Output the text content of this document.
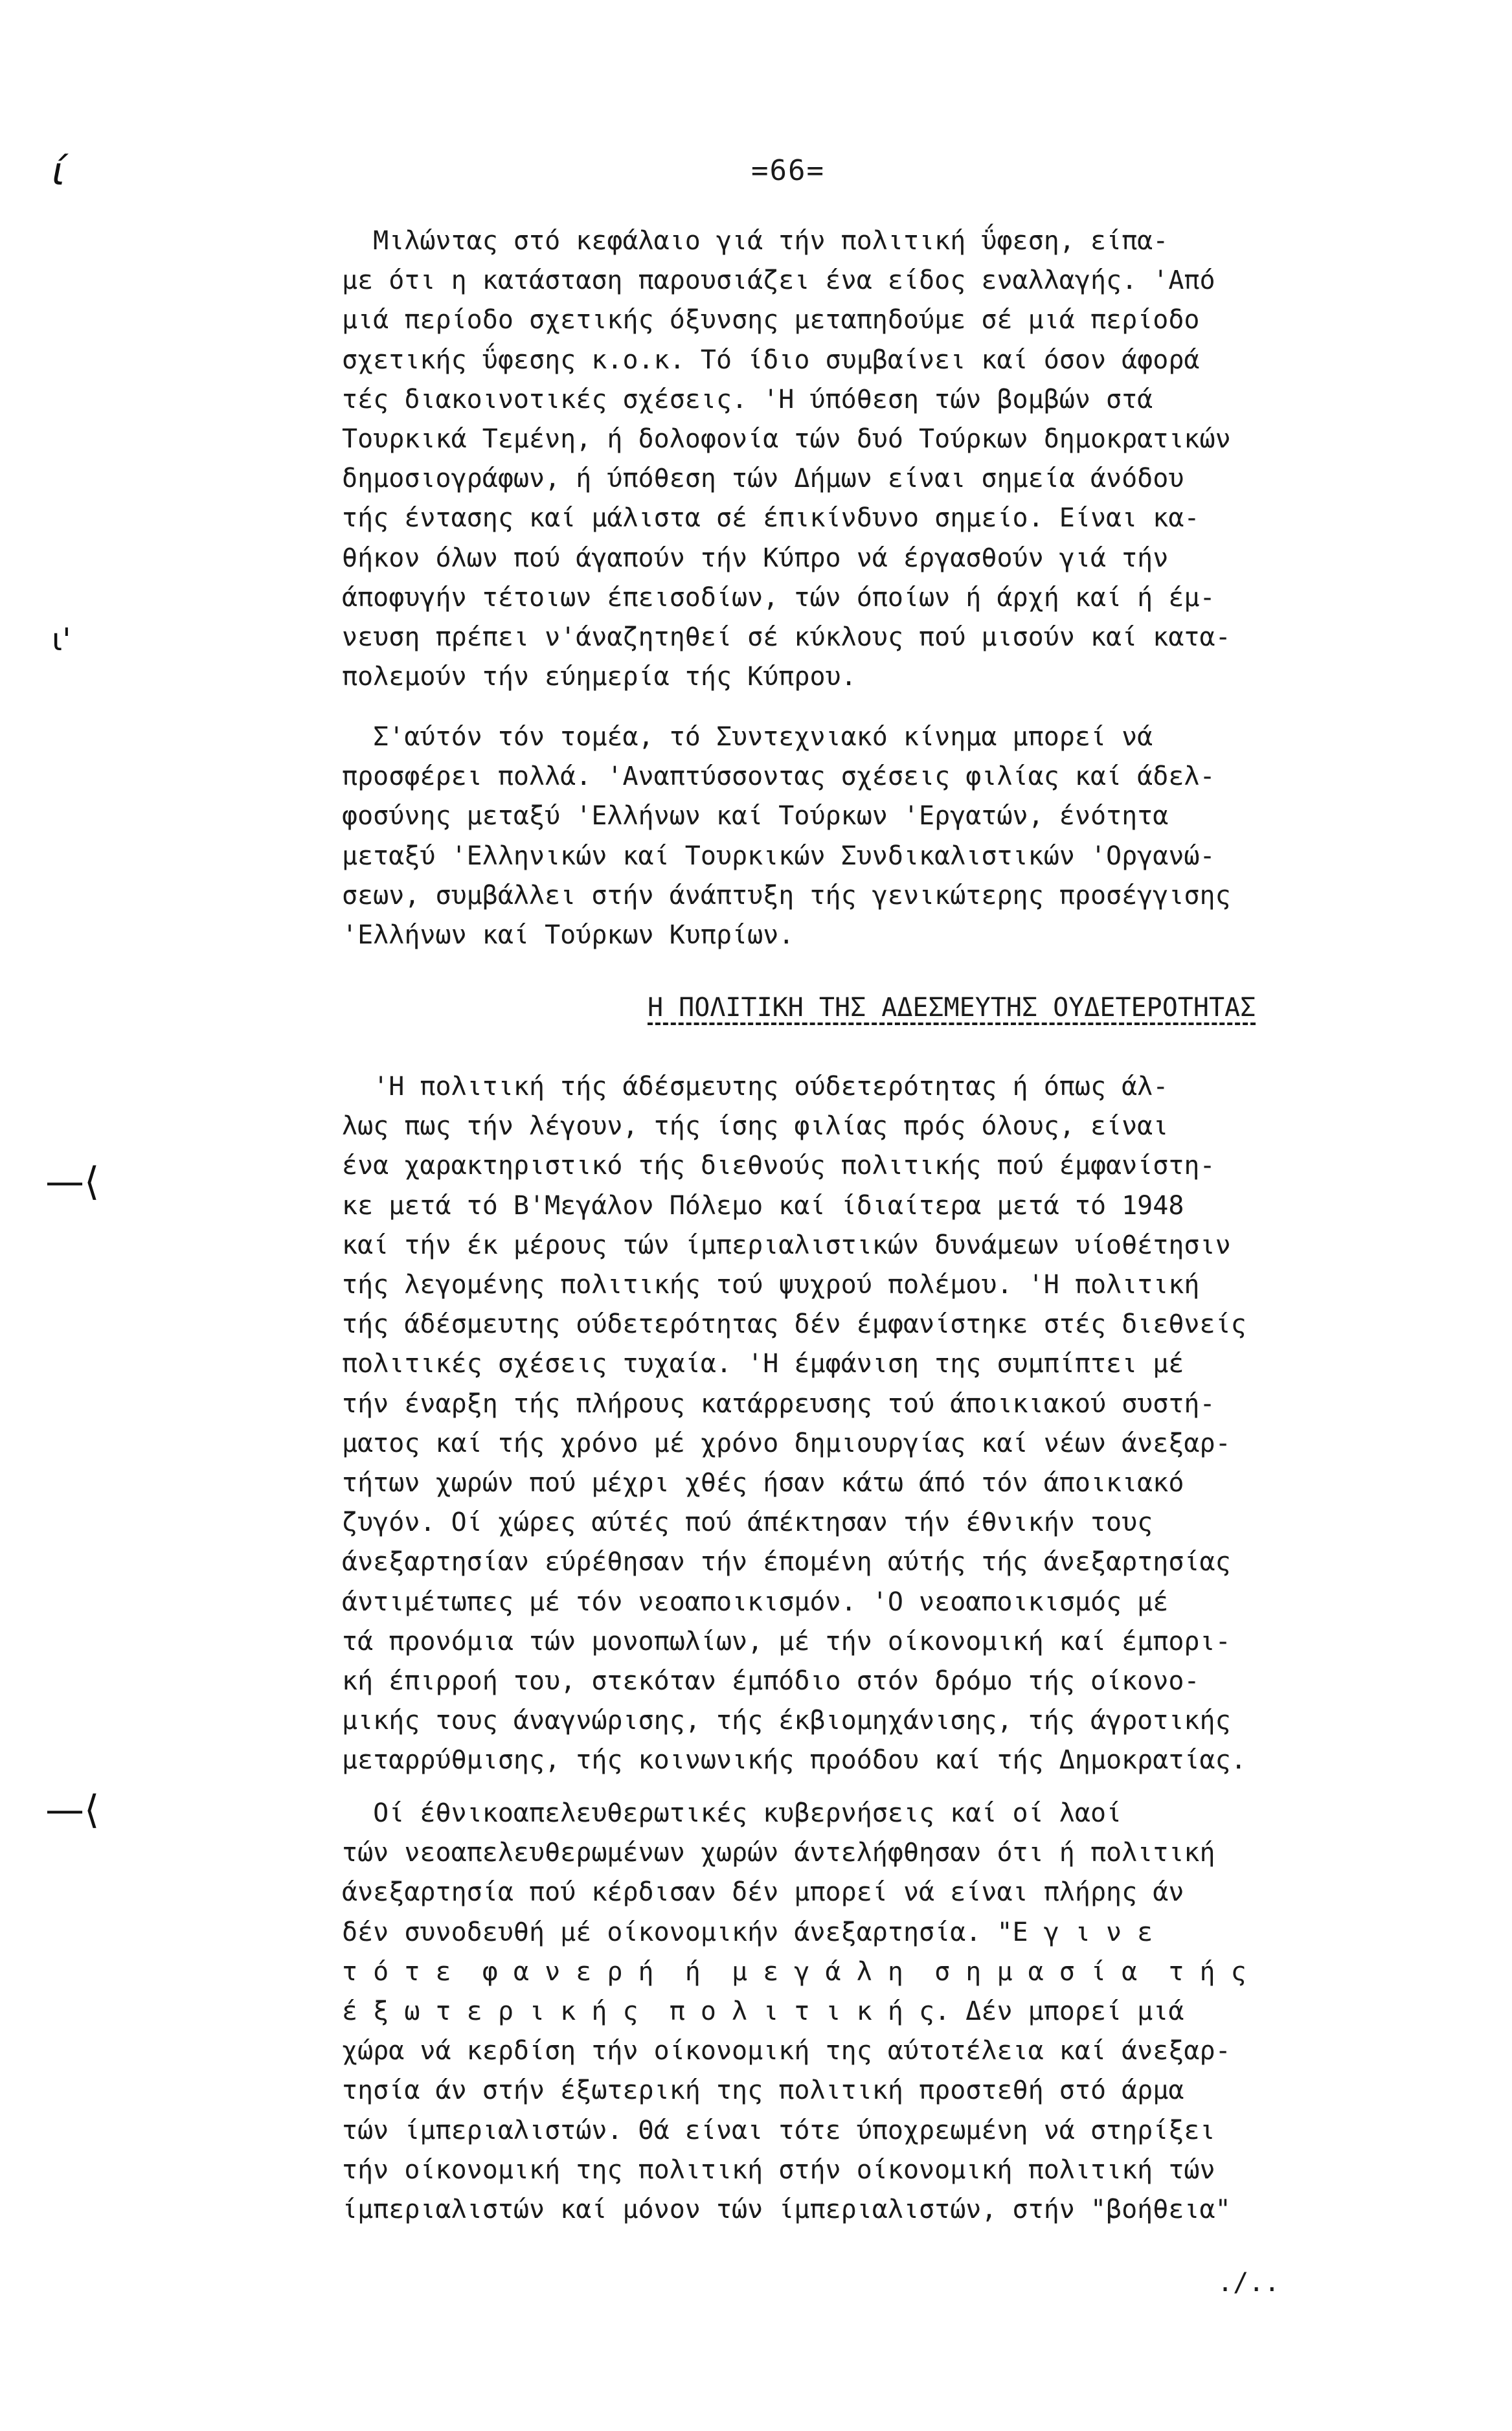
ί
ι'
—⟨
—⟨
=66=
Μιλώντας στό κεφάλαιο γιά τήν πολιτική ΰφεση, είπα-
με ότι η κατάσταση παρουσιάζει ένα είδος εναλλαγής. 'Από
μιά περίοδο σχετικής όξυνσης μεταπηδούμε σέ μιά περίοδο
σχετικής ΰφεσης κ.ο.κ. Τό ίδιο συμβαίνει καί όσον άφορά
τές διακοινοτικές σχέσεις. 'Η ύπόθεση τών βομβών στά
Τουρκικά Τεμένη, ή δολοφονία τών δυό Τούρκων δημοκρατικών
δημοσιογράφων, ή ύπόθεση τών Δήμων είναι σημεία άνόδου
τής έντασης καί μάλιστα σέ έπικίνδυνο σημείο. Είναι κα-
θήκον όλων πού άγαπούν τήν Κύπρο νά έργασθούν γιά τήν
άποφυγήν τέτοιων έπεισοδίων, τών όποίων ή άρχή καί ή έμ-
νευση πρέπει ν'άναζητηθεί σέ κύκλους πού μισούν καί κατα-
πολεμούν τήν εύημερία τής Κύπρου.
Σ'αύτόν τόν τομέα, τό Συντεχνιακό κίνημα μπορεί νά
προσφέρει πολλά. 'Αναπτύσσοντας σχέσεις φιλίας καί άδελ-
φοσύνης μεταξύ 'Ελλήνων καί Τούρκων 'Εργατών, ένότητα
μεταξύ 'Ελληνικών καί Τουρκικών Συνδικαλιστικών 'Οργανώ-
σεων, συμβάλλει στήν άνάπτυξη τής γενικώτερης προσέγγισης
'Ελλήνων καί Τούρκων Κυπρίων.
Η ΠΟΛΙΤΙΚΗ ΤΗΣ ΑΔΕΣΜΕΥΤΗΣ ΟΥΔΕΤΕΡΟΤΗΤΑΣ
'Η πολιτική τής άδέσμευτης ούδετερότητας ή όπως άλ-
λως πως τήν λέγουν, τής ίσης φιλίας πρός όλους, είναι
ένα χαρακτηριστικό τής διεθνούς πολιτικής πού έμφανίστη-
κε μετά τό Β'Μεγάλον Πόλεμο καί ίδιαίτερα μετά τό 1948
καί τήν έκ μέρους τών ίμπεριαλιστικών δυνάμεων υίοθέτησιν
τής λεγομένης πολιτικής τού ψυχρού πολέμου. 'Η πολιτική
τής άδέσμευτης ούδετερότητας δέν έμφανίστηκε στές διεθνείς
πολιτικές σχέσεις τυχαία. 'Η έμφάνιση της συμπίπτει μέ
τήν έναρξη τής πλήρους κατάρρευσης τού άποικιακού συστή-
ματος καί τής χρόνο μέ χρόνο δημιουργίας καί νέων άνεξαρ-
τήτων χωρών πού μέχρι χθές ήσαν κάτω άπό τόν άποικιακό
ζυγόν. Οί χώρες αύτές πού άπέκτησαν τήν έθνικήν τους
άνεξαρτησίαν εύρέθησαν τήν έπομένη αύτής τής άνεξαρτησίας
άντιμέτωπες μέ τόν νεοαποικισμόν. 'Ο νεοαποικισμός μέ
τά προνόμια τών μονοπωλίων, μέ τήν οίκονομική καί έμπορι-
κή έπιρροή του, στεκόταν έμπόδιο στόν δρόμο τής οίκονο-
μικής τους άναγνώρισης, τής έκβιομηχάνισης, τής άγροτικής
μεταρρύθμισης, τής κοινωνικής προόδου καί τής Δημοκρατίας.
Οί έθνικοαπελευθερωτικές κυβερνήσεις καί οί λαοί
τών νεοαπελευθερωμένων χωρών άντελήφθησαν ότι ή πολιτική
άνεξαρτησία πού κέρδισαν δέν μπορεί νά είναι πλήρης άν
δέν συνοδευθή μέ οίκονομικήν άνεξαρτησία. "Ε γ ι ν ε
τ ό τ ε  φ α ν ε ρ ή  ή  μ ε γ ά λ η  σ η μ α σ ί α  τ ή ς
έ ξ ω τ ε ρ ι κ ή ς  π ο λ ι τ ι κ ή ς. Δέν μπορεί μιά
χώρα νά κερδίση τήν οίκονομική της αύτοτέλεια καί άνεξαρ-
τησία άν στήν έξωτερική της πολιτική προστεθή στό άρμα
τών ίμπεριαλιστών. Θά είναι τότε ύποχρεωμένη νά στηρίξει
τήν οίκονομική της πολιτική στήν οίκονομική πολιτική τών
ίμπεριαλιστών καί μόνον τών ίμπεριαλιστών, στήν "βοήθεια"
./..
